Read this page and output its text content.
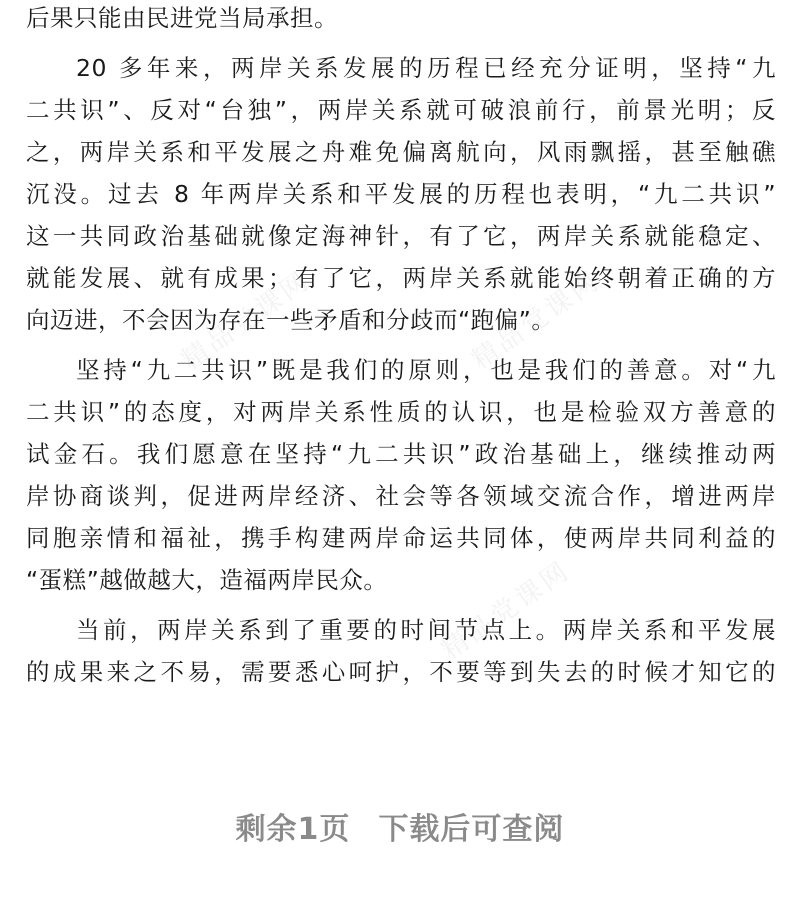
精品党课网	精品党课网
精品党课网
后果只能由民进党当局承担。
20 多年来，两岸关系发展的历程已经充分证明，坚持“九
二共识”、反对“台独”，两岸关系就可破浪前行，前景光明；反
之，两岸关系和平发展之舟难免偏离航向，风雨飘摇，甚至触礁
沉没。过去 8 年两岸关系和平发展的历程也表明，“九二共识”
这一共同政治基础就像定海神针，有了它，两岸关系就能稳定、
就能发展、就有成果；有了它，两岸关系就能始终朝着正确的方
向迈进，不会因为存在一些矛盾和分歧而“跑偏”。
坚持“九二共识”既是我们的原则，也是我们的善意。对“九
二共识”的态度，对两岸关系性质的认识，也是检验双方善意的
试金石。我们愿意在坚持“九二共识”政治基础上，继续推动两
岸协商谈判，促进两岸经济、社会等各领域交流合作，增进两岸
同胞亲情和福祉，携手构建两岸命运共同体，使两岸共同利益的
“蛋糕”越做越大，造福两岸民众。
当前，两岸关系到了重要的时间节点上。两岸关系和平发展
的成果来之不易，需要悉心呵护，不要等到失去的时候才知它的
剩余1页 下载后可查阅
